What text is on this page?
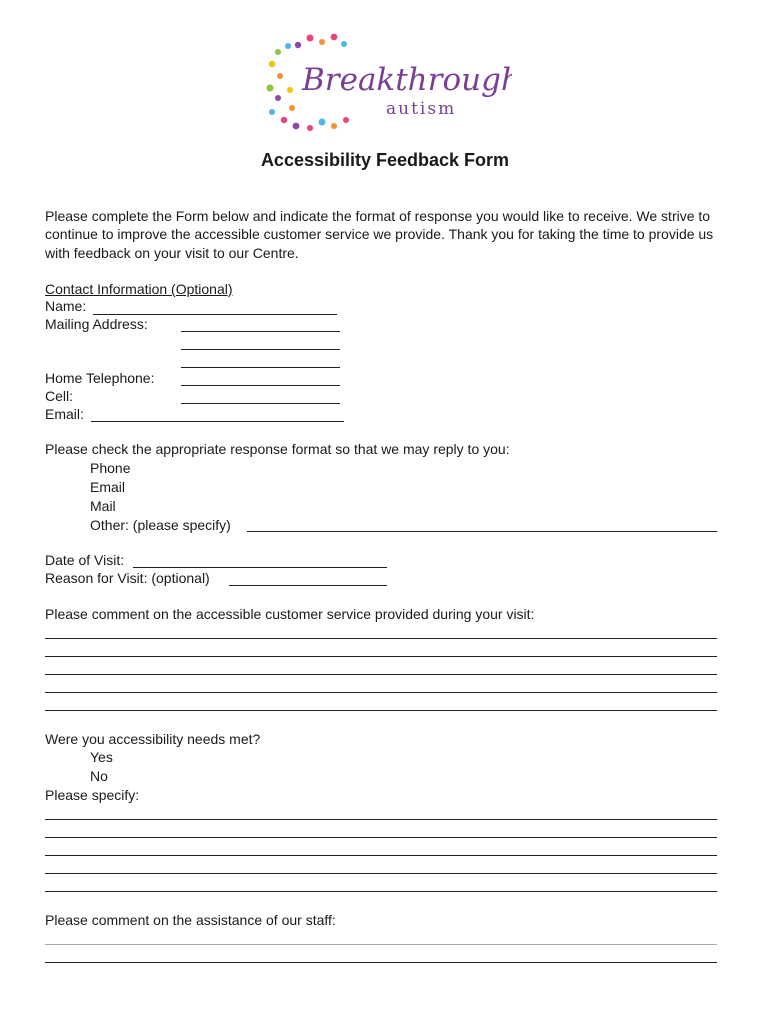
Breakthrough
autism
Accessibility Feedback Form
Please complete the Form below and indicate the format of response you would like to receive. We strive to continue to improve the accessible customer service we provide. Thank you for taking the time to provide us with feedback on your visit to our Centre.
Contact Information (Optional)
Name:
Mailing Address:
Home Telephone:
Cell:
Email:
Please check the appropriate response format so that we may reply to you:
Phone
Email
Mail
Other: (please specify)
Date of Visit:
Reason for Visit: (optional)
Please comment on the accessible customer service provided during your visit:
Were you accessibility needs met?
Yes
No
Please specify:
Please comment on the assistance of our staff:
